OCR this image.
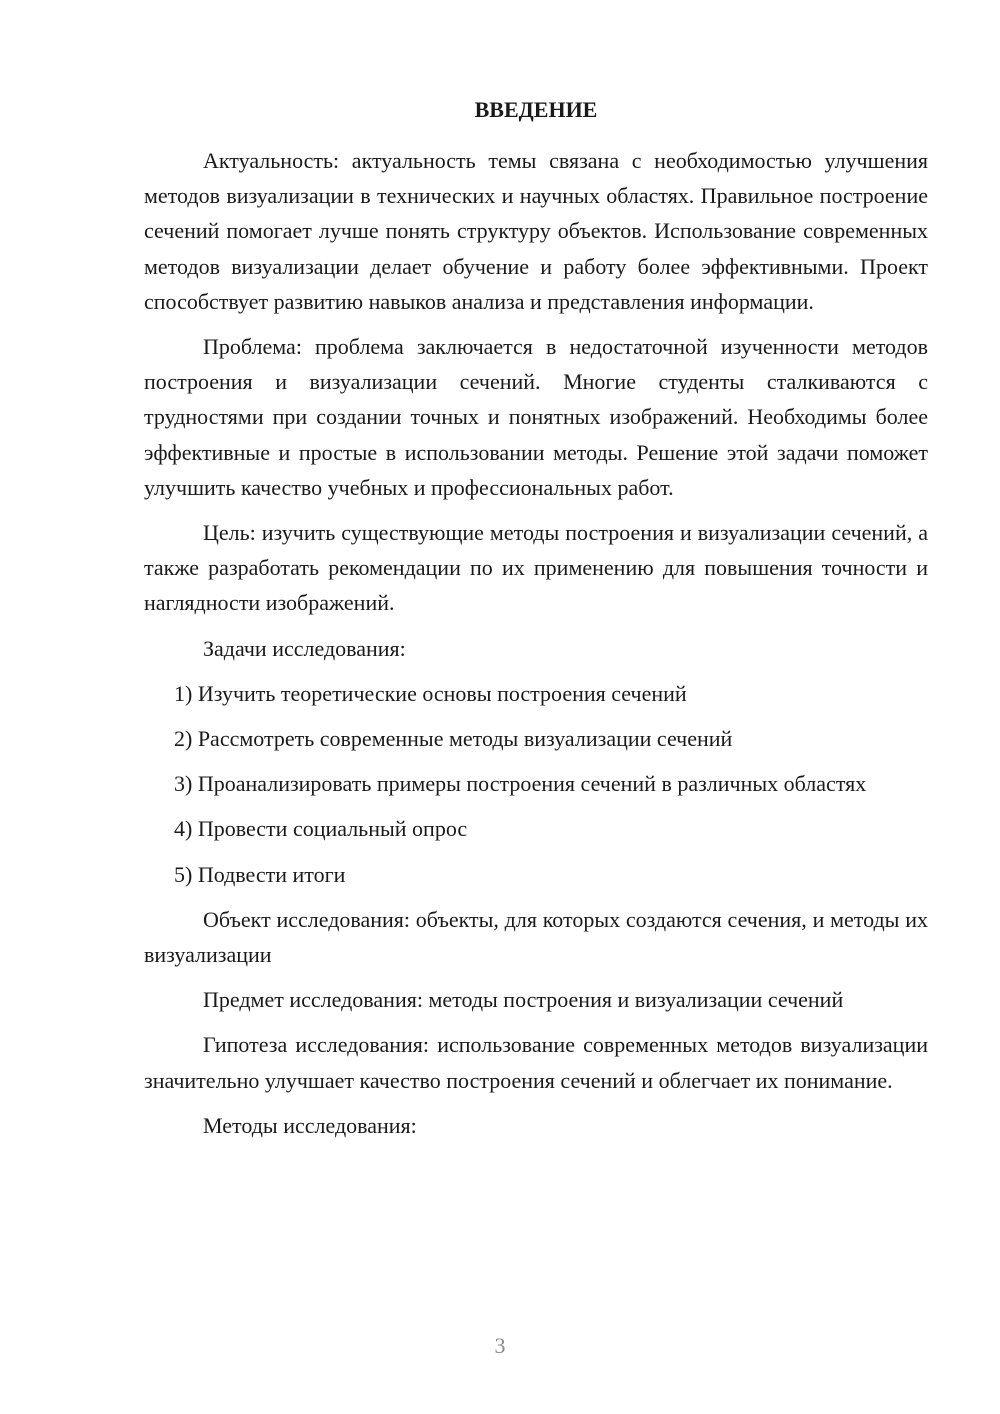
ВВЕДЕНИЕ

Актуальность: актуальность темы связана с необходимостью улучшения методов визуализации в технических и научных областях. Правильное построение сечений помогает лучше понять структуру объектов. Использование современных методов визуализации делает обучение и работу более эффективными. Проект способствует развитию навыков анализа и представления информации.

Проблема: проблема заключается в недостаточной изученности методов построения и визуализации сечений. Многие студенты сталкиваются с трудностями при создании точных и понятных изображений. Необходимы более эффективные и простые в использовании методы. Решение этой задачи поможет улучшить качество учебных и профессиональных работ.

Цель: изучить существующие методы построения и визуализации сечений, а также разработать рекомендации по их применению для повышения точности и наглядности изображений.

Задачи исследования:

1) Изучить теоретические основы построения сечений

2) Рассмотреть современные методы визуализации сечений

3) Проанализировать примеры построения сечений в различных областях

4) Провести социальный опрос

5) Подвести итоги

Объект исследования: объекты, для которых создаются сечения, и методы их визуализации

Предмет исследования: методы построения и визуализации сечений

Гипотеза исследования: использование современных методов визуализации значительно улучшает качество построения сечений и облегчает их понимание.

Методы исследования:

3
